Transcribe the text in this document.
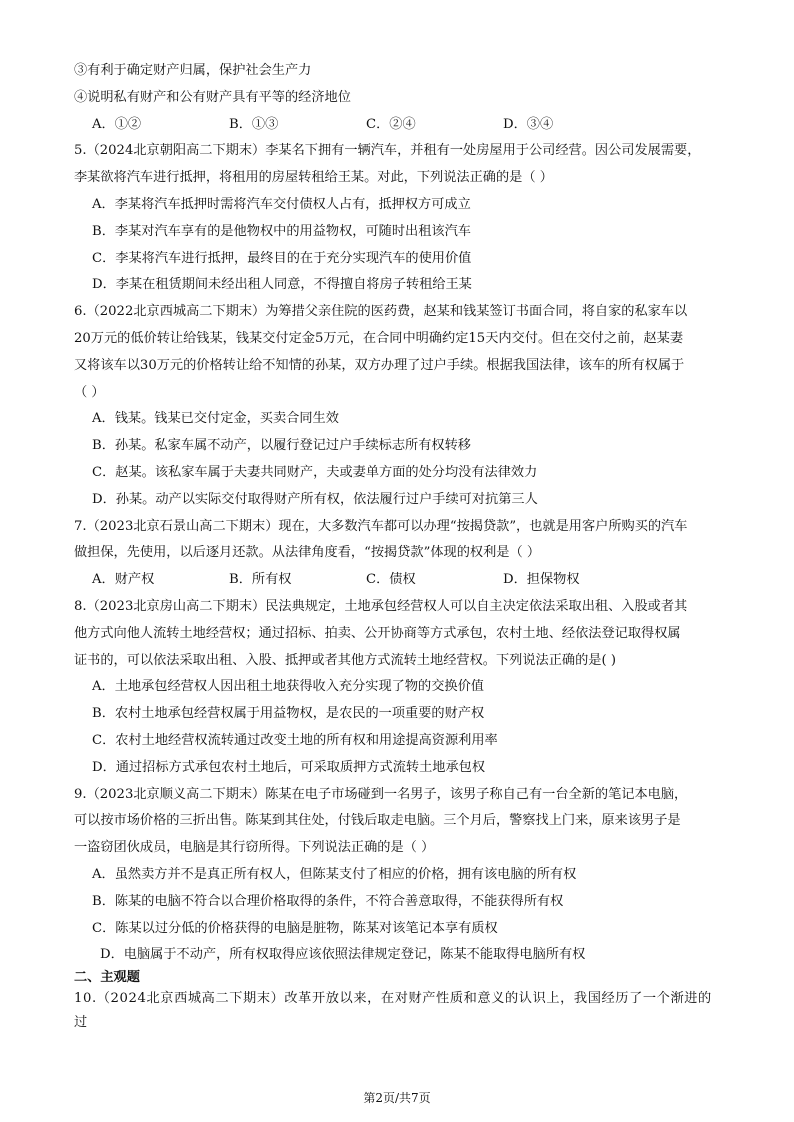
③有利于确定财产归属，保护社会生产力
④说明私有财产和公有财产具有平等的经济地位
A．①②	B．①③	C．②④	D．③④
5.（2024北京朝阳高二下期末）李某名下拥有一辆汽车，并租有一处房屋用于公司经营。因公司发展需要，
李某欲将汽车进行抵押，将租用的房屋转租给王某。对此，下列说法正确的是（ ）
A．李某将汽车抵押时需将汽车交付债权人占有，抵押权方可成立
B．李某对汽车享有的是他物权中的用益物权，可随时出租该汽车
C．李某将汽车进行抵押，最终目的在于充分实现汽车的使用价值
D．李某在租赁期间未经出租人同意，不得擅自将房子转租给王某
6.（2022北京西城高二下期末）为筹措父亲住院的医药费，赵某和钱某签订书面合同，将自家的私家车以
20万元的低价转让给钱某，钱某交付定金5万元，在合同中明确约定15天内交付。但在交付之前，赵某妻
又将该车以30万元的价格转让给不知情的孙某，双方办理了过户手续。根据我国法律，该车的所有权属于
（ ）
A．钱某。钱某已交付定金，买卖合同生效
B．孙某。私家车属不动产，以履行登记过户手续标志所有权转移
C．赵某。该私家车属于夫妻共同财产，夫或妻单方面的处分均没有法律效力
D．孙某。动产以实际交付取得财产所有权，依法履行过户手续可对抗第三人
7.（2023北京石景山高二下期末）现在，大多数汽车都可以办理“按揭贷款”，也就是用客户所购买的汽车
做担保，先使用，以后逐月还款。从法律角度看，“按揭贷款”体现的权利是（ ）
A．财产权	B．所有权	C．债权	D．担保物权
8.（2023北京房山高二下期末）民法典规定，土地承包经营权人可以自主决定依法采取出租、入股或者其
他方式向他人流转土地经营权；通过招标、拍卖、公开协商等方式承包，农村土地、经依法登记取得权属
证书的，可以依法采取出租、入股、抵押或者其他方式流转土地经营权。下列说法正确的是( )
A．土地承包经营权人因出租土地获得收入充分实现了物的交换价值
B．农村土地承包经营权属于用益物权，是农民的一项重要的财产权
C．农村土地经营权流转通过改变土地的所有权和用途提高资源利用率
D．通过招标方式承包农村土地后，可采取质押方式流转土地承包权
9.（2023北京顺义高二下期末）陈某在电子市场碰到一名男子，该男子称自己有一台全新的笔记本电脑，
可以按市场价格的三折出售。陈某到其住处，付钱后取走电脑。三个月后，警察找上门来，原来该男子是
一盗窃团伙成员，电脑是其行窃所得。下列说法正确的是（ ）
A．虽然卖方并不是真正所有权人，但陈某支付了相应的价格，拥有该电脑的所有权
B．陈某的电脑不符合以合理价格取得的条件，不符合善意取得，不能获得所有权
C．陈某以过分低的价格获得的电脑是脏物，陈某对该笔记本享有质权
D．电脑属于不动产，所有权取得应该依照法律规定登记，陈某不能取得电脑所有权
二、主观题
10.（2024北京西城高二下期末）改革开放以来，在对财产性质和意义的认识上，我国经历了一个渐进的过
第2页/共7页
